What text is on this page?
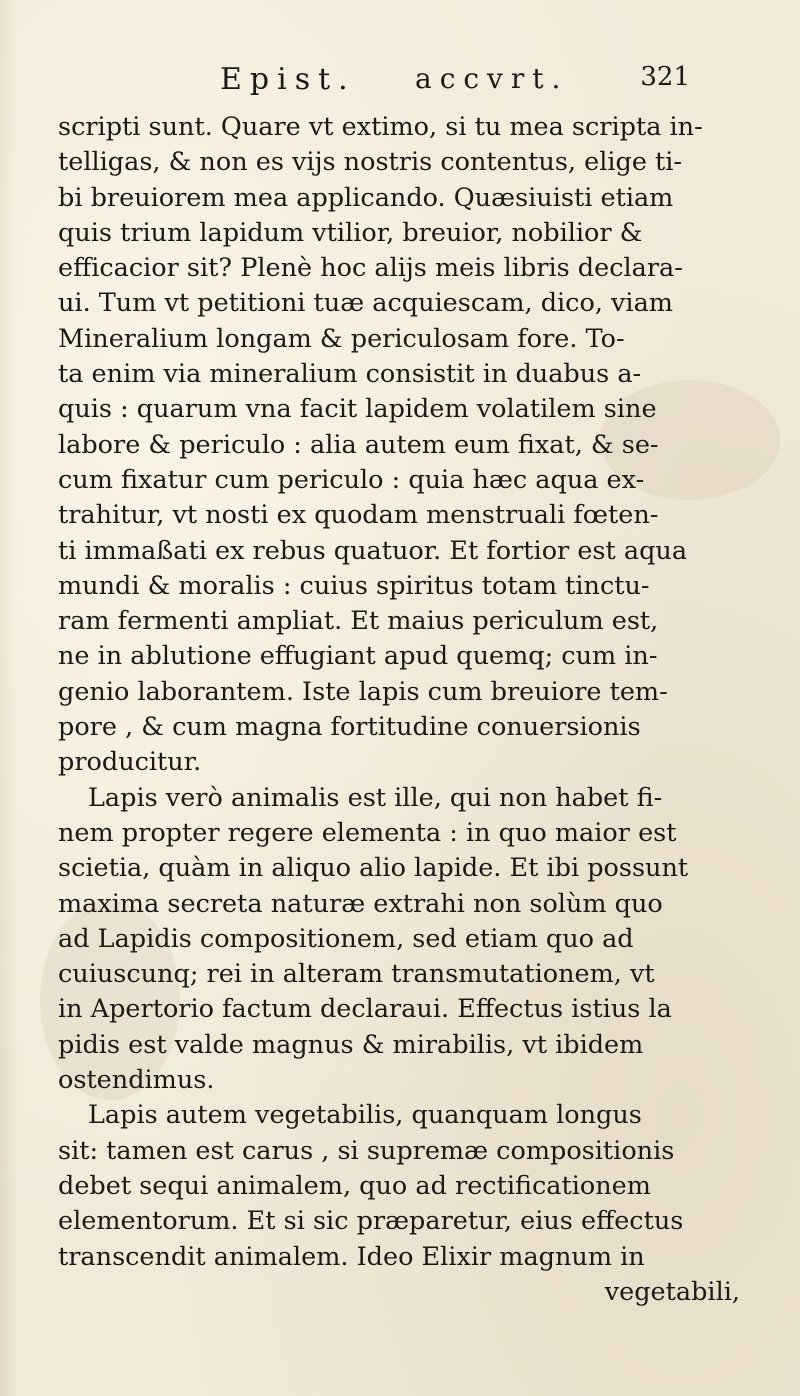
Epist. accvrt.	321
scripti sunt. Quare vt extimo, si tu mea scripta in-
telligas, & non es vijs nostris contentus, elige ti-
bi breuiorem mea applicando. Quæsiuisti etiam
quis trium lapidum vtilior, breuior, nobilior &
efficacior sit? Plenè hoc alijs meis libris declara-
ui. Tum vt petitioni tuæ acquiescam, dico, viam
Mineralium longam & periculosam fore. To-
ta enim via mineralium consistit in duabus a-
quis : quarum vna facit lapidem volatilem sine
labore & periculo : alia autem eum fixat, & se-
cum fixatur cum periculo : quia hæc aqua ex-
trahitur, vt nosti ex quodam menstruali fœten-
ti immaßati ex rebus quatuor. Et fortior est aqua
mundi & moralis : cuius spiritus totam tinctu-
ram fermenti ampliat. Et maius periculum est,
ne in ablutione effugiant apud quemq; cum in-
genio laborantem. Iste lapis cum breuiore tem-
pore , & cum magna fortitudine conuersionis
producitur.
Lapis verò animalis est ille, qui non habet fi-
nem propter regere elementa : in quo maior est
scietia, quàm in aliquo alio lapide. Et ibi possunt
maxima secreta naturæ extrahi non solùm quo
ad Lapidis compositionem, sed etiam quo ad
cuiuscunq; rei in alteram transmutationem, vt
in Apertorio factum declaraui. Effectus istius la
pidis est valde magnus & mirabilis, vt ibidem
ostendimus.
Lapis autem vegetabilis, quanquam longus
sit: tamen est carus , si supremæ compositionis
debet sequi animalem, quo ad rectificationem
elementorum. Et si sic præparetur, eius effectus
transcendit animalem. Ideo Elixir magnum in
vegetabili,
